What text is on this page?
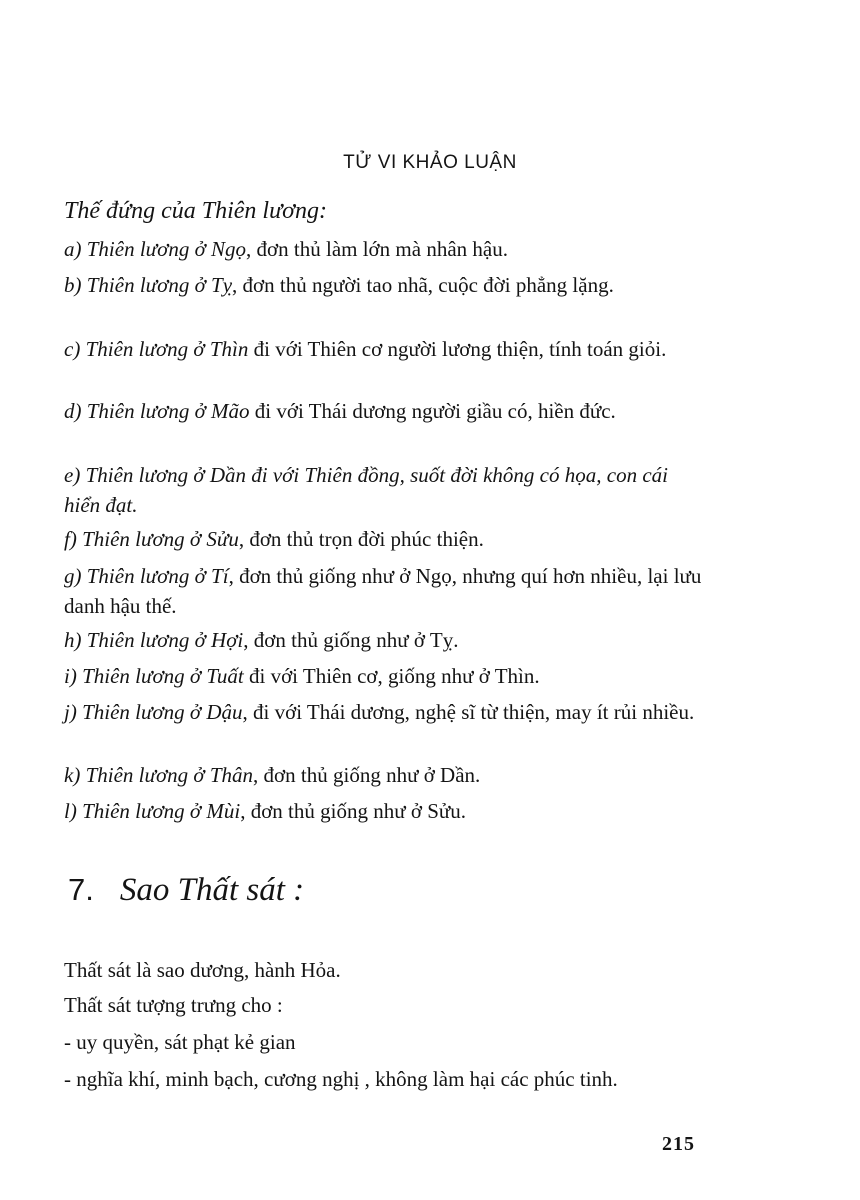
TỬ VI KHẢO LUẬN
Thế đứng của Thiên lương:
a) Thiên lương ở Ngọ, đơn thủ làm lớn mà nhân hậu.
b) Thiên lương ở Tỵ, đơn thủ người tao nhã, cuộc đời phẳng lặng.
c) Thiên lương ở Thìn đi với Thiên cơ người lương thiện, tính toán giỏi.
d) Thiên lương ở Mão đi với Thái dương người giầu có, hiền đức.
e) Thiên lương ở Dần đi với Thiên đồng, suốt đời không có họa, con cái hiển đạt.
f) Thiên lương ở Sửu, đơn thủ trọn đời phúc thiện.
g) Thiên lương ở Tí, đơn thủ giống như ở Ngọ, nhưng quí hơn nhiều, lại lưu danh hậu thế.
h) Thiên lương ở Hợi, đơn thủ giống như ở Tỵ.
i) Thiên lương ở Tuất đi với Thiên cơ, giống như ở Thìn.
j) Thiên lương ở Dậu, đi với Thái dương, nghệ sĩ từ thiện, may ít rủi nhiều.
k) Thiên lương ở Thân, đơn thủ giống như ở Dần.
l) Thiên lương ở Mùi, đơn thủ giống như ở Sửu.
7. Sao Thất sát :
Thất sát là sao dương, hành Hỏa.
Thất sát tượng trưng cho :
- uy quyền, sát phạt kẻ gian
- nghĩa khí, minh bạch, cương nghị , không làm hại các phúc tinh.
215
